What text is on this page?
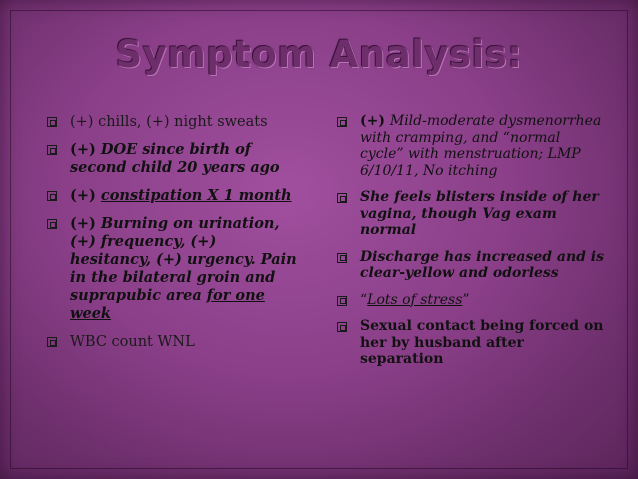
Symptom Analysis:
(+) chills, (+) night sweats
(+) DOE since birth of second child 20 years ago
(+) constipation X 1 month
(+) Burning on urination, (+) frequency, (+) hesitancy, (+) urgency. Pain in the bilateral groin and suprapubic area for one week
WBC count WNL
(+) Mild-moderate dysmenorrhea with cramping, and “normal cycle” with menstruation; LMP 6/10/11, No itching
She feels blisters inside of her vagina, though Vag exam normal
Discharge has increased and is clear-yellow and odorless
“Lots of stress”
Sexual contact being forced on her by husband after separation
